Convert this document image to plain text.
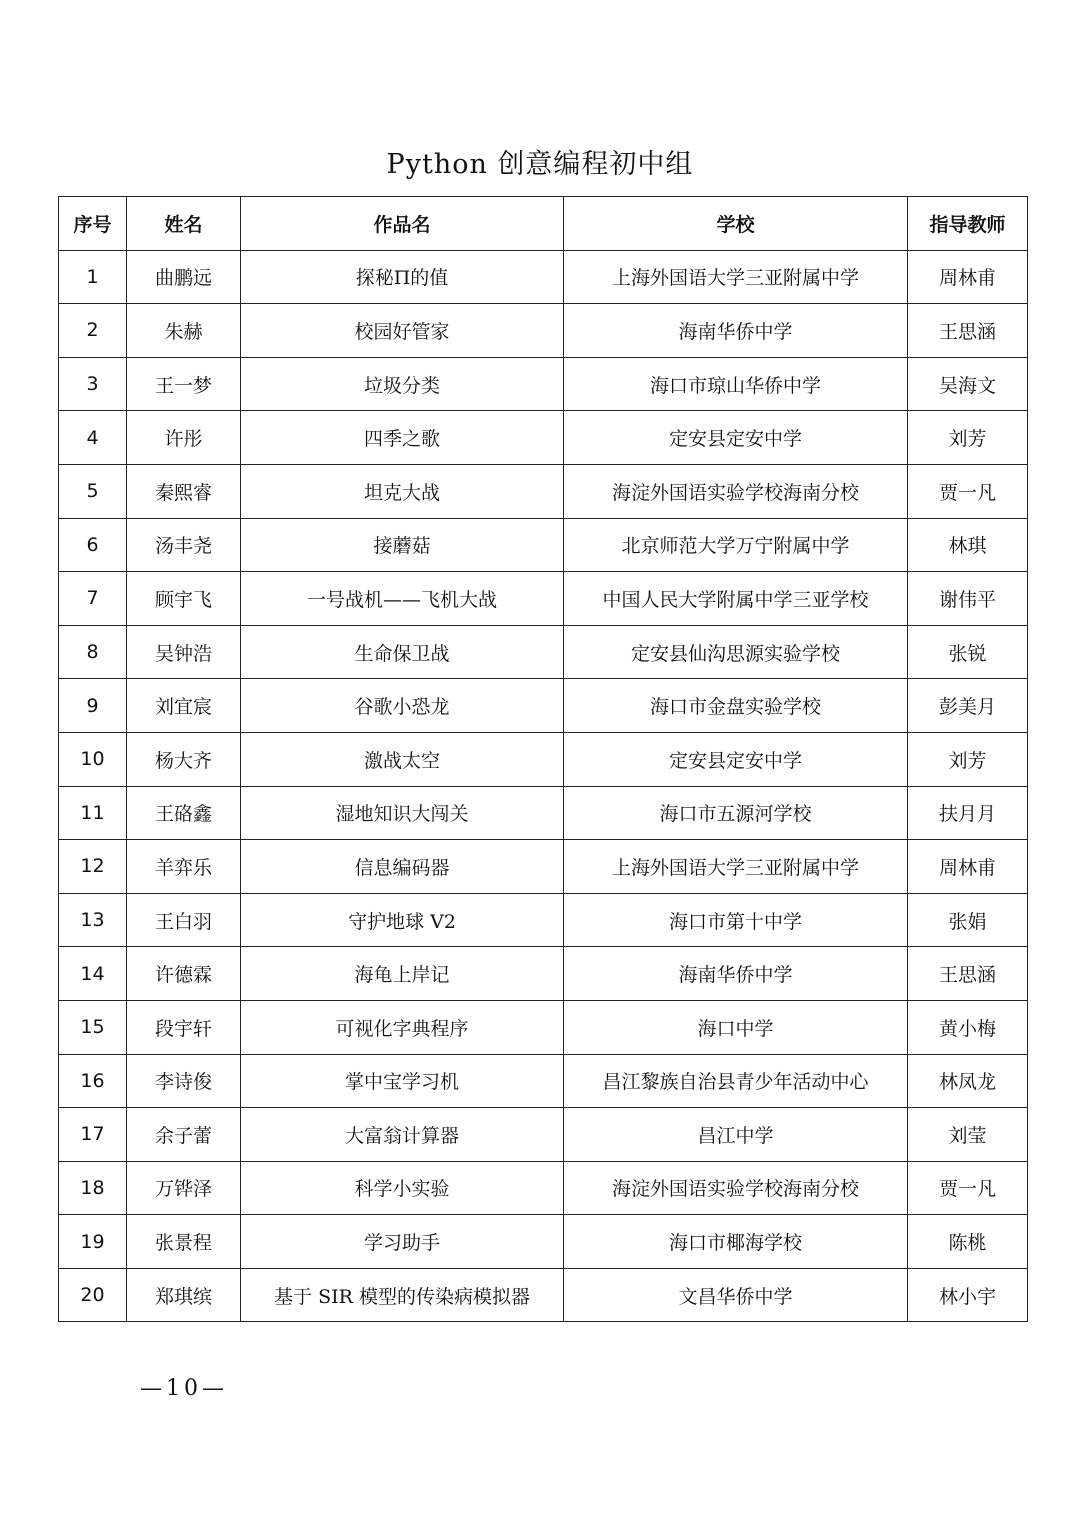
Python 创意编程初中组
序号	姓名	作品名	学校	指导教师
1	曲鹏远	探秘Π的值	上海外国语大学三亚附属中学	周林甫
2	朱赫	校园好管家	海南华侨中学	王思涵
3	王一梦	垃圾分类	海口市琼山华侨中学	吴海文
4	许彤	四季之歌	定安县定安中学	刘芳
5	秦熙睿	坦克大战	海淀外国语实验学校海南分校	贾一凡
6	汤丰尧	接蘑菇	北京师范大学万宁附属中学	林琪
7	顾宇飞	一号战机——飞机大战	中国人民大学附属中学三亚学校	谢伟平
8	吴钟浩	生命保卫战	定安县仙沟思源实验学校	张锐
9	刘宜宸	谷歌小恐龙	海口市金盘实验学校	彭美月
10	杨大齐	激战太空	定安县定安中学	刘芳
11	王硌鑫	湿地知识大闯关	海口市五源河学校	扶月月
12	羊弈乐	信息编码器	上海外国语大学三亚附属中学	周林甫
13	王白羽	守护地球 V2	海口市第十中学	张娟
14	许德霖	海龟上岸记	海南华侨中学	王思涵
15	段宇轩	可视化字典程序	海口中学	黄小梅
16	李诗俊	掌中宝学习机	昌江黎族自治县青少年活动中心	林凤龙
17	余子蕾	大富翁计算器	昌江中学	刘莹
18	万铧泽	科学小实验	海淀外国语实验学校海南分校	贾一凡
19	张景程	学习助手	海口市椰海学校	陈桃
20	郑琪缤	基于 SIR 模型的传染病模拟器	文昌华侨中学	林小宇
—10—
